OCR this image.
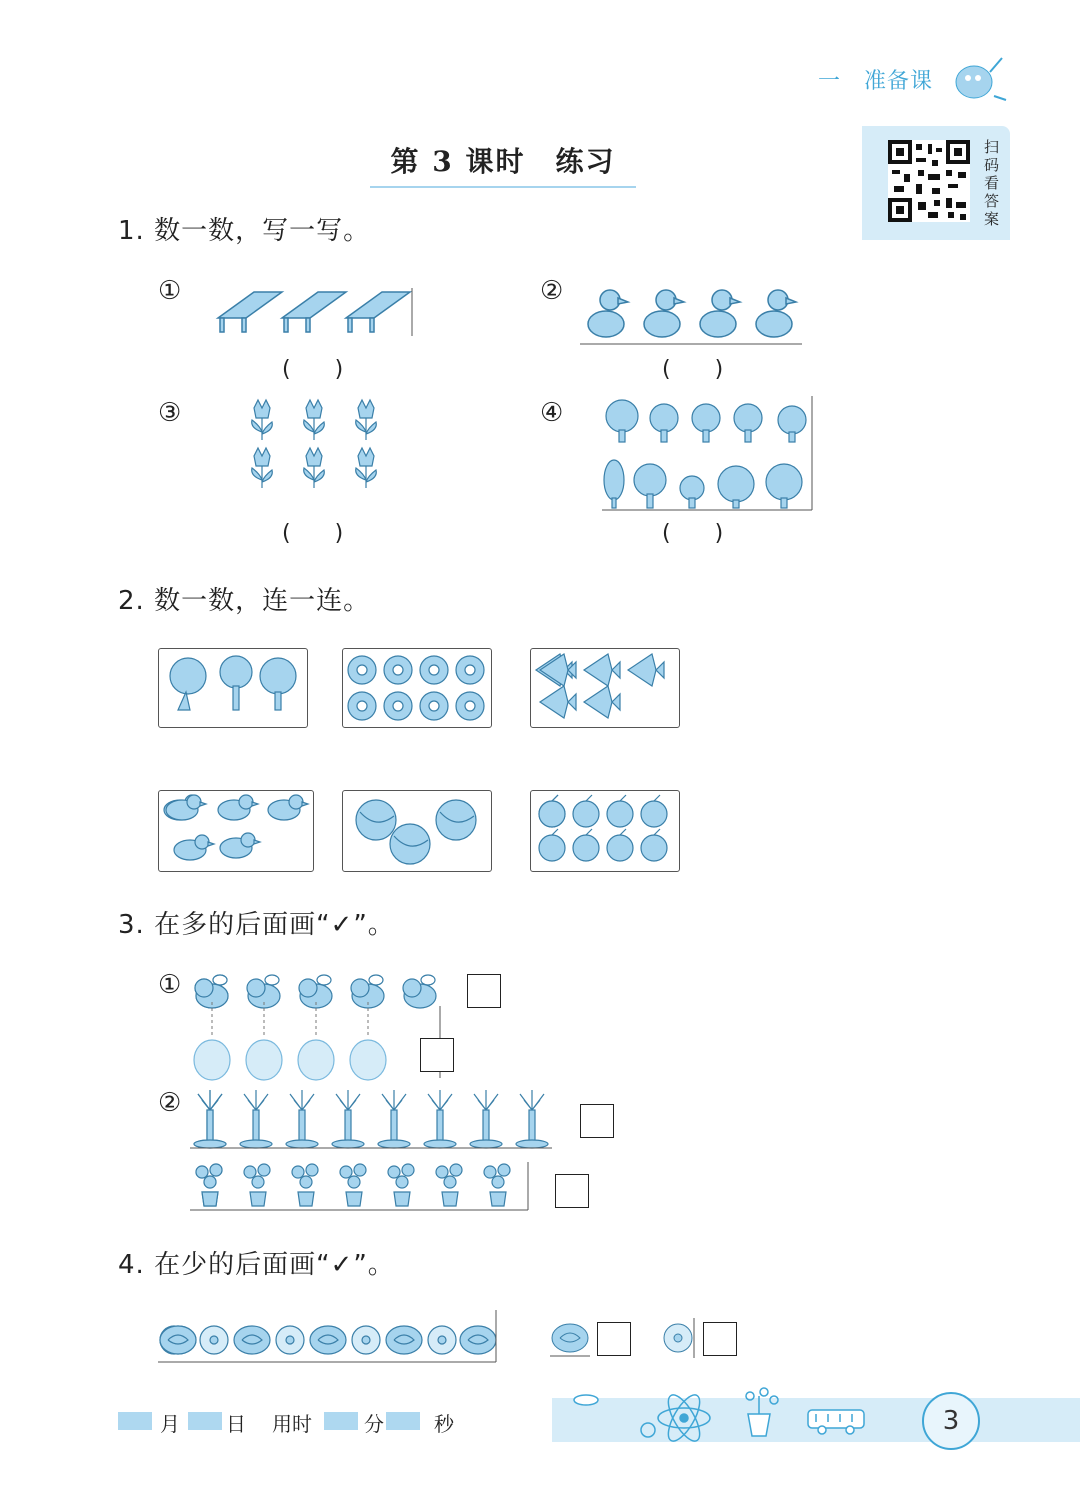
一 准备课
扫码看答案
第 3 课时　练习
1. 数一数，写一写。
①
(　　)
②
(　　)
③
(　　)
④
(　　)
2. 数一数，连一连。
3. 在多的后面画“✓”。
①
②
4. 在少的后面画“✓”。
月 日 用时	分	秒	3
